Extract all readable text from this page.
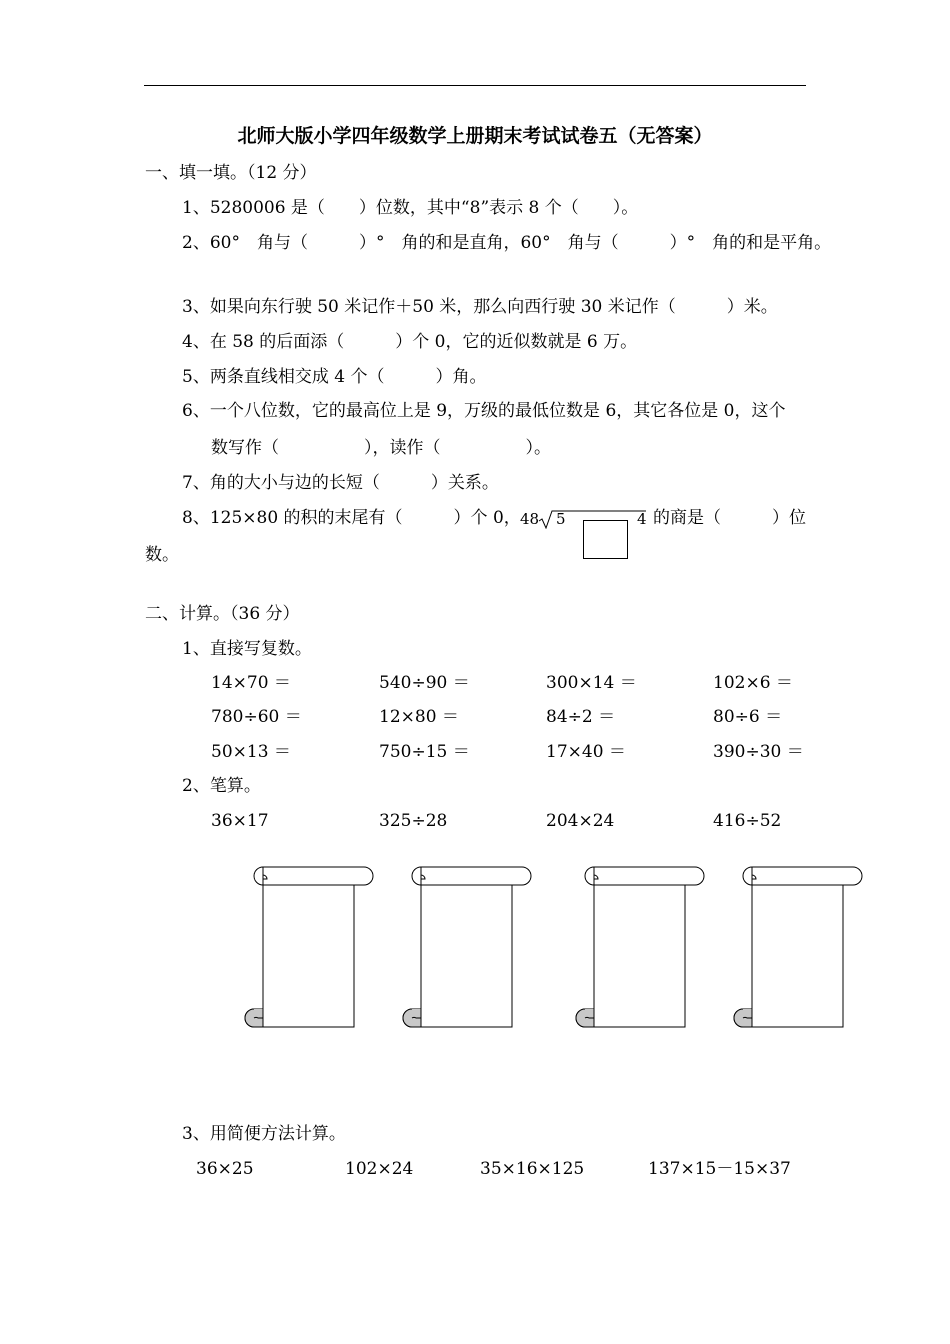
北师大版小学四年级数学上册期末考试试卷五（无答案）
一、填一填。（12 分）
1、5280006 是（　　）位数，其中“8”表示 8 个（　　）。
2、60°　角与（　　　）°　角的和是直角，60°　角与（　　　）°　角的和是平角。
3、如果向东行驶 50 米记作＋50 米，那么向西行驶 30 米记作（　　　）米。
4、在 58 的后面添（　　　）个 0，它的近似数就是 6 万。
5、两条直线相交成 4 个（　　　）角。
6、一个八位数，它的最高位上是 9，万级的最低位数是 6，其它各位是 0，这个
数写作（　　　　　），读作（　　　　　）。
7、角的大小与边的长短（　　　）关系。
8、125×80 的积的末尾有（　　　）个 0， 48 5	4 的商是（　　　）位
数。
二、计算。（36 分）
1、直接写复数。
14×70 ＝	540÷90 ＝	300×14 ＝	102×6 ＝
780÷60 ＝	12×80 ＝	84÷2 ＝	80÷6 ＝
50×13 ＝	750÷15 ＝	17×40 ＝	390÷30 ＝
2、笔算。
36×17	325÷28	204×24	416÷52
3、用简便方法计算。
36×25	102×24	35×16×125	137×15－15×37
